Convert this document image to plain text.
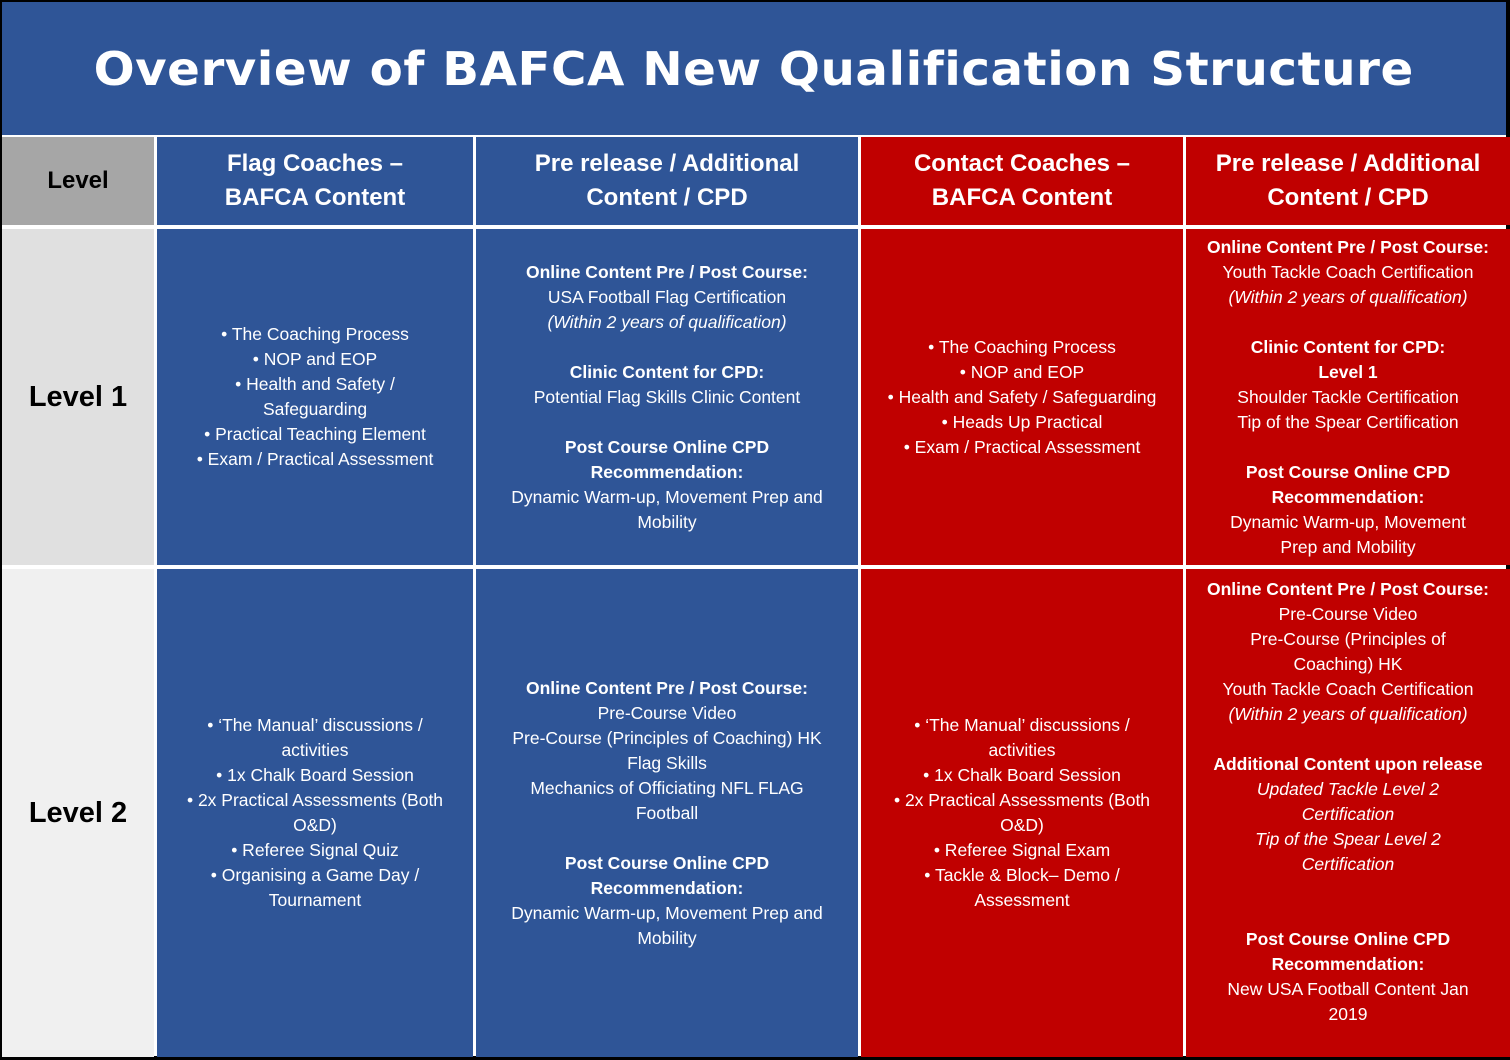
Overview of BAFCA New Qualification Structure
Level
Flag Coaches –
BAFCA Content
Pre release / Additional
Content / CPD
Contact Coaches –
BAFCA Content
Pre release / Additional
Content / CPD
Level 1
• The Coaching Process
• NOP and EOP
• Health and Safety /
Safeguarding
• Practical Teaching Element
• Exam / Practical Assessment
Online Content Pre / Post Course:
USA Football Flag Certification
(Within 2 years of qualification)
Clinic Content for CPD:
Potential Flag Skills Clinic Content
Post Course Online CPD
Recommendation:
Dynamic Warm-up, Movement Prep and
Mobility
• The Coaching Process
• NOP and EOP
• Health and Safety / Safeguarding
• Heads Up Practical
• Exam / Practical Assessment
Online Content Pre / Post Course:
Youth Tackle Coach Certification
(Within 2 years of qualification)
Clinic Content for CPD:
Level 1
Shoulder Tackle Certification
Tip of the Spear Certification
Post Course Online CPD
Recommendation:
Dynamic Warm-up, Movement
Prep and Mobility
Level 2
• ‘The Manual’ discussions /
activities
• 1x Chalk Board Session
• 2x Practical Assessments (Both
O&D)
• Referee Signal Quiz
• Organising a Game Day /
Tournament
Online Content Pre / Post Course:
Pre-Course Video
Pre-Course (Principles of Coaching) HK
Flag Skills
Mechanics of Officiating NFL FLAG
Football
Post Course Online CPD
Recommendation:
Dynamic Warm-up, Movement Prep and
Mobility
• ‘The Manual’ discussions /
activities
• 1x Chalk Board Session
• 2x Practical Assessments (Both
O&D)
• Referee Signal Exam
• Tackle & Block– Demo /
Assessment
Online Content Pre / Post Course:
Pre-Course Video
Pre-Course (Principles of
Coaching) HK
Youth Tackle Coach Certification
(Within 2 years of qualification)
Additional Content upon release
Updated Tackle Level 2
Certification
Tip of the Spear Level 2
Certification
Post Course Online CPD
Recommendation:
New USA Football Content Jan
2019
